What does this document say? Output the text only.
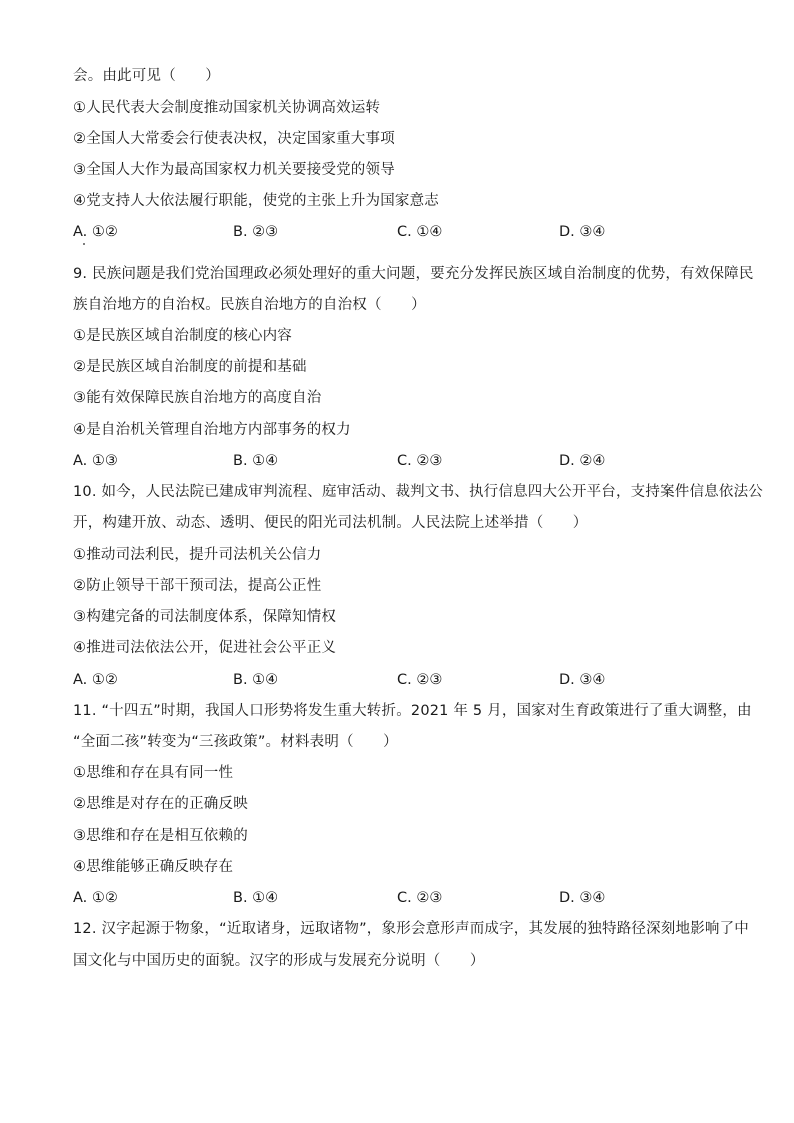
会。由此可见（　　）
①人民代表大会制度推动国家机关协调高效运转
②全国人大常委会行使表决权，决定国家重大事项
③全国人大作为最高国家权力机关要接受党的领导
④党支持人大依法履行职能，使党的主张上升为国家意志
A. ①②	B. ②③	C. ①④	D. ③④
9. 民族问题是我们党治国理政必须处理好的重大问题，要充分发挥民族区域自治制度的优势，有效保障民
族自治地方的自治权。民族自治地方的自治权（　　）
①是民族区域自治制度的核心内容
②是民族区域自治制度的前提和基础
③能有效保障民族自治地方的高度自治
④是自治机关管理自治地方内部事务的权力
A. ①③	B. ①④	C. ②③	D. ②④
10. 如今，人民法院已建成审判流程、庭审活动、裁判文书、执行信息四大公开平台，支持案件信息依法公
开，构建开放、动态、透明、便民的阳光司法机制。人民法院上述举措（　　）
①推动司法利民，提升司法机关公信力
②防止领导干部干预司法，提高公正性
③构建完备的司法制度体系，保障知情权
④推进司法依法公开，促进社会公平正义
A. ①②	B. ①④	C. ②③	D. ③④
11. “十四五”时期，我国人口形势将发生重大转折。2021 年 5 月，国家对生育政策进行了重大调整，由
“全面二孩”转变为“三孩政策”。材料表明（　　）
①思维和存在具有同一性
②思维是对存在的正确反映
③思维和存在是相互依赖的
④思维能够正确反映存在
A. ①②	B. ①④	C. ②③	D. ③④
12. 汉字起源于物象，“近取诸身，远取诸物”，象形会意形声而成字，其发展的独特路径深刻地影响了中
国文化与中国历史的面貌。汉字的形成与发展充分说明（　　）
